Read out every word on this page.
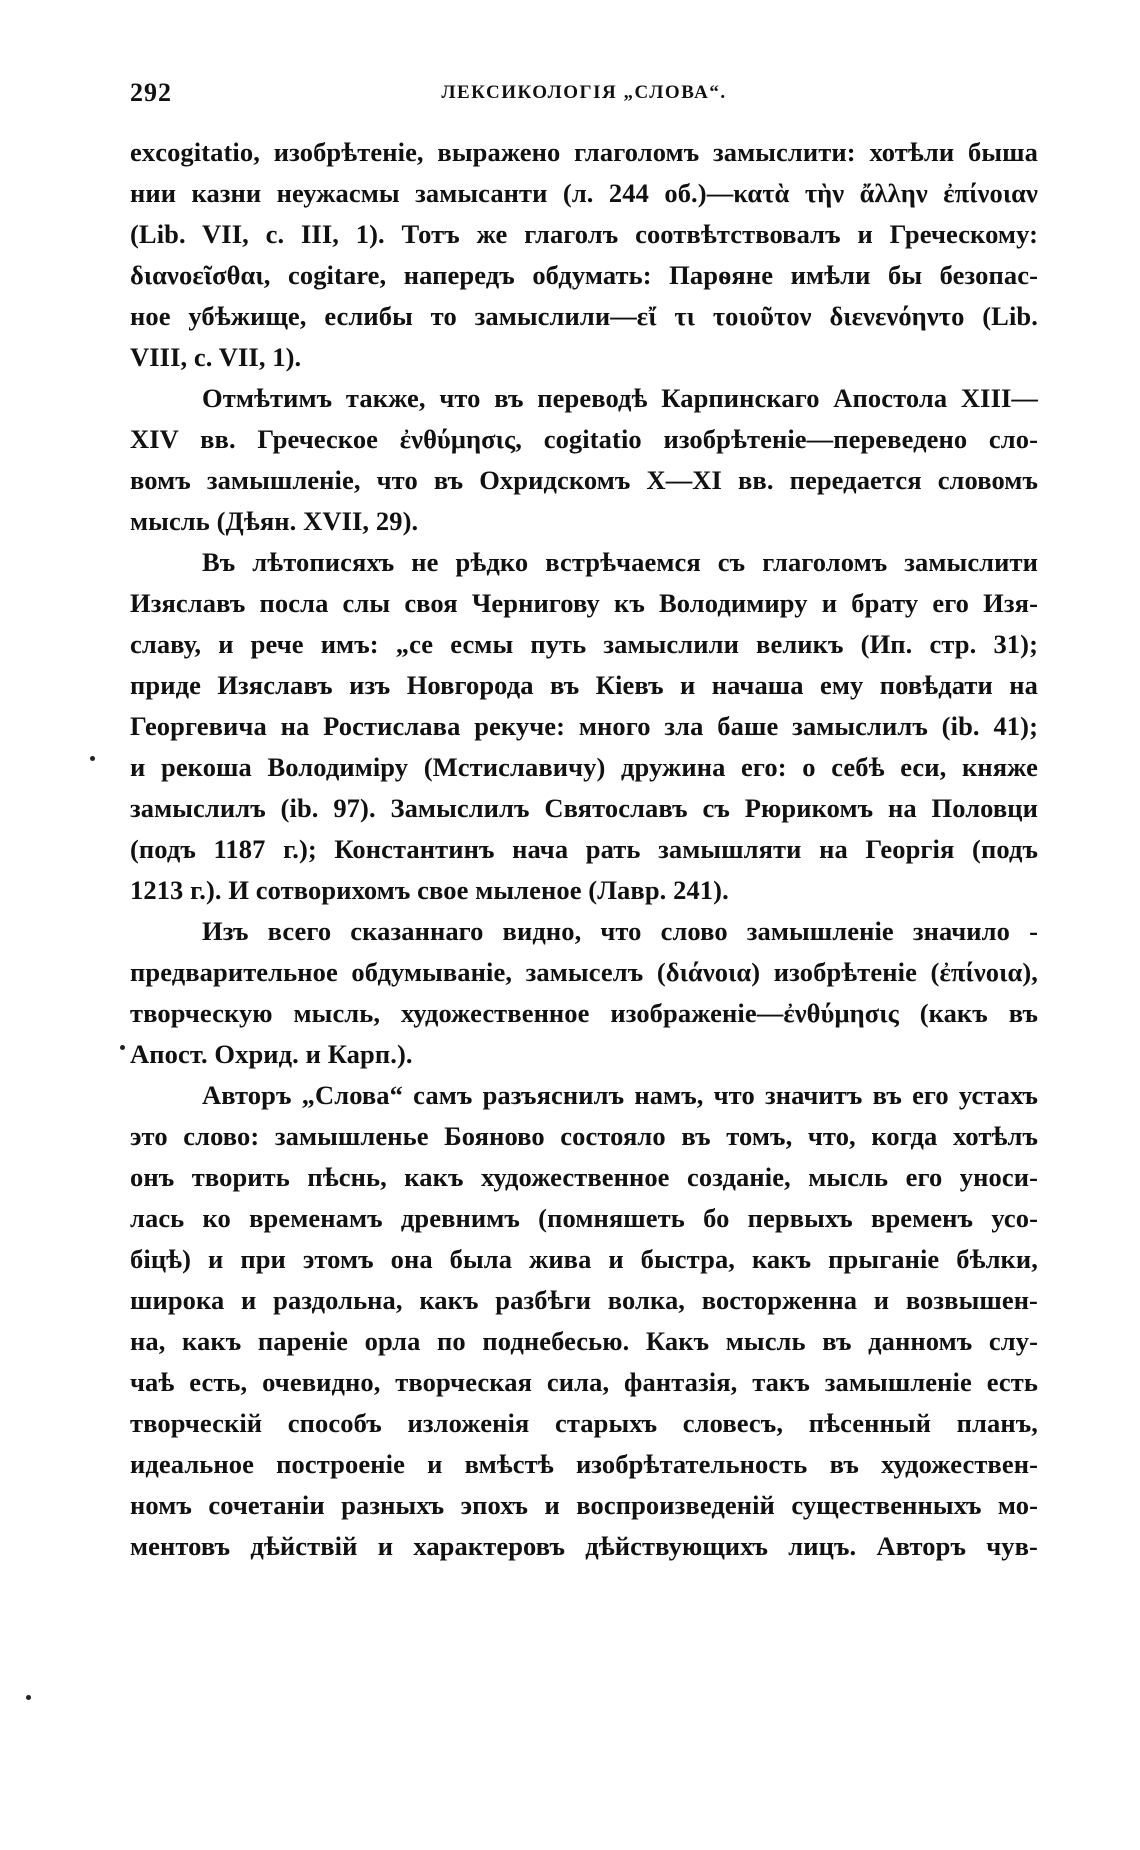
292	ЛЕКСИКОЛОГІЯ „СЛОВА“.

excogitatio, изобрѣтеніе, выражено глаголомъ замыслити: хотѣли быша
нии казни неужасмы замысанти (л. 244 об.)—κατὰ τὴν ἄλλην ἐπίνοιαν
(Lib. VII, c. III, 1). Тотъ же глаголъ соотвѣтствовалъ и Греческому:
διανοεῖσθαι, cogitare, напередъ обдумать: Парѳяне имѣли бы безопас-
ное убѣжище, еслибы то замыслили—εἴ τι τοιοῦτον διενενόηντο (Lib.
VIII, c. VII, 1).

Отмѣтимъ также, что въ переводѣ Карпинскаго Апостола XIII—
XIV вв. Греческое ἐνθύμησις, cogitatio изобрѣтеніе—переведено сло-
вомъ замышленіе, что въ Охридскомъ X—XI вв. передается словомъ
мысль (Дѣян. XVII, 29).

Въ лѣтописяхъ не рѣдко встрѣчаемся съ глаголомъ замыслити
Изяславъ посла слы своя Чернигову къ Володимиру и брату его Изя-
славу, и рече имъ: „се есмы путь замыслили великъ (Ип. стр. 31);
приде Изяславъ изъ Новгорода въ Кіевъ и начаша ему повѣдати на
Георгевича на Ростислава рекуче: много зла баше замыслилъ (ib. 41);
и рекоша Володиміру (Мстиславичу) дружина его: о себѣ еси, княже
замыслилъ (ib. 97). Замыслилъ Святославъ съ Рюрикомъ на Половци
(подъ 1187 г.); Константинъ нача рать замышляти на Георгія (подъ
1213 г.). И сотворихомъ свое мыленое (Лавр. 241).

Изъ всего сказаннаго видно, что слово замышленіе значило -
предварительное обдумываніе, замыселъ (διάνοια) изобрѣтеніе (ἐπίνοια),
творческую мысль, художественное изображеніе—ἐνθύμησις (какъ въ
Апост. Охрид. и Карп.).

Авторъ „Слова“ самъ разъяснилъ намъ, что значитъ въ его устахъ
это слово: замышленье Бояново состояло въ томъ, что, когда хотѣлъ
онъ творить пѣснь, какъ художественное созданіе, мысль его уноси-
лась ко временамъ древнимъ (помняшеть бо первыхъ временъ усо-
біцѣ) и при этомъ она была жива и быстра, какъ прыганіе бѣлки,
широка и раздольна, какъ разбѣги волка, восторженна и возвышен-
на, какъ пареніе орла по поднебесью. Какъ мысль въ данномъ слу-
чаѣ есть, очевидно, творческая сила, фантазія, такъ замышленіе есть
творческій способъ изложенія старыхъ словесъ, пѣсенный планъ,
идеальное построеніе и вмѣстѣ изобрѣтательность въ художествен-
номъ сочетаніи разныхъ эпохъ и воспроизведеній существенныхъ мо-
ментовъ дѣйствій и характеровъ дѣйствующихъ лицъ. Авторъ чув-
